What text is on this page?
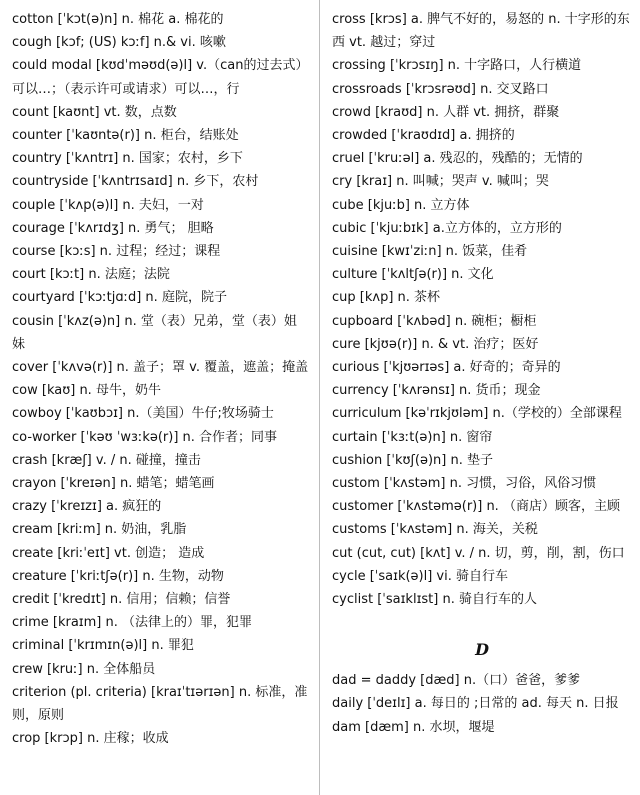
cotton [ˈkɔt(ə)n] n. 棉花 a. 棉花的
cough [kɔf; (US) kɔːf] n.& vi. 咳嗽
could modal [kʊdˈməʊd(ə)l] v.（can的过去式）可以…；（表示许可或请求）可以…，行
count [kaʊnt] vt. 数，点数
counter [ˈkaʊntə(r)] n. 柜台，结账处
country [ˈkʌntrɪ] n. 国家；农村，乡下
countryside [ˈkʌntrɪsaɪd] n. 乡下，农村
couple [ˈkʌp(ə)l] n. 夫妇，一对
courage [ˈkʌrɪdʒ] n. 勇气； 胆略
course [kɔːs] n. 过程；经过；课程
court [kɔːt] n. 法庭；法院
courtyard [ˈkɔːtjɑːd] n. 庭院，院子
cousin [ˈkʌz(ə)n] n. 堂（表）兄弟，堂（表）姐妹
cover [ˈkʌvə(r)] n. 盖子；罩 v. 覆盖，遮盖；掩盖
cow [kaʊ] n. 母牛，奶牛
cowboy [ˈkaʊbɔɪ] n.（美国）牛仔;牧场骑士
co-worker [ˈkəʊ ˈwɜːkə(r)] n. 合作者；同事
crash [kræʃ] v. / n. 碰撞，撞击
crayon [ˈkreɪən] n. 蜡笔；蜡笔画
crazy [ˈkreɪzɪ] a. 疯狂的
cream [kriːm] n. 奶油，乳脂
create [kriːˈeɪt] vt. 创造； 造成
creature [ˈkriːtʃə(r)] n. 生物，动物
credit [ˈkredɪt] n. 信用；信赖；信誉
crime [kraɪm] n. （法律上的）罪，犯罪
criminal [ˈkrɪmɪn(ə)l] n. 罪犯
crew [kruː] n. 全体船员
criterion (pl. criteria) [kraɪˈtɪərɪən] n. 标准，准则，原则
crop [krɔp] n. 庄稼；收成
cross [krɔs] a. 脾气不好的，易怒的 n. 十字形的东西 vt. 越过；穿过
crossing [ˈkrɔsɪŋ] n. 十字路口，人行横道
crossroads [ˈkrɔsrəʊd] n. 交叉路口
crowd [kraʊd] n. 人群 vt. 拥挤，群聚
crowded [ˈkraʊdɪd] a. 拥挤的
cruel [ˈkruːəl] a. 残忍的，残酷的；无情的
cry [kraɪ] n. 叫喊；哭声 v. 喊叫；哭
cube [kjuːb] n. 立方体
cubic [ˈkjuːbɪk] a.立方体的，立方形的
cuisine [kwɪˈziːn] n. 饭菜，佳肴
culture [ˈkʌltʃə(r)] n. 文化
cup [kʌp] n. 茶杯
cupboard [ˈkʌbəd] n. 碗柜；橱柜
cure [kjʊə(r)] n. & vt. 治疗；医好
curious [ˈkjʊərɪəs] a. 好奇的；奇异的
currency [ˈkʌrənsɪ] n. 货币；现金
curriculum [kəˈrɪkjʊləm] n.（学校的）全部课程
curtain [ˈkɜːt(ə)n] n. 窗帘
cushion [ˈkʊʃ(ə)n] n. 垫子
custom [ˈkʌstəm] n. 习惯，习俗，风俗习惯
customer [ˈkʌstəmə(r)] n. （商店）顾客，主顾
customs [ˈkʌstəm] n. 海关，关税
cut (cut, cut) [kʌt] v. / n. 切，剪，削，割，伤口
cycle [ˈsaɪk(ə)l] vi. 骑自行车
cyclist [ˈsaɪklɪst] n. 骑自行车的人
D
dad = daddy [dæd] n.（口）爸爸，爹爹
daily [ˈdeɪlɪ] a. 每日的 ;日常的 ad. 每天 n. 日报
dam [dæm] n. 水坝，堰堤
